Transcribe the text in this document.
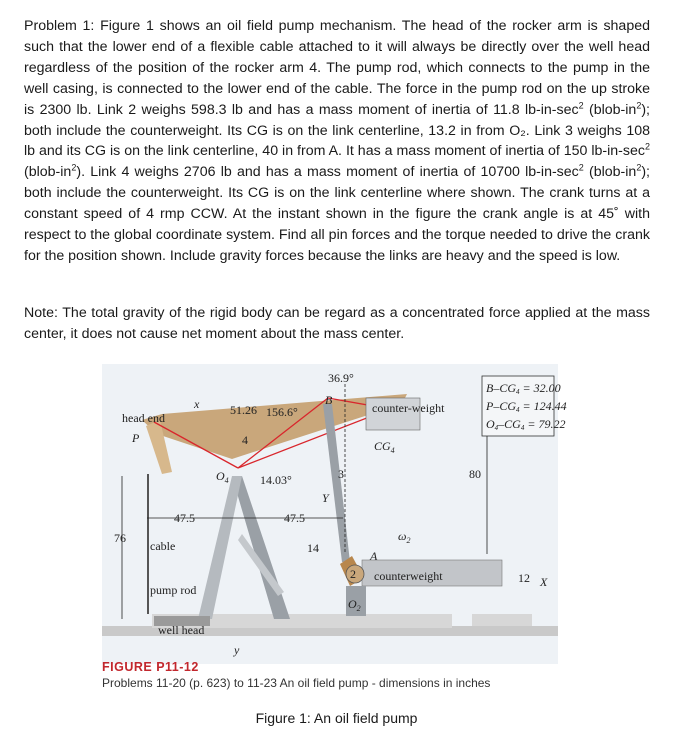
Problem 1: Figure 1 shows an oil field pump mechanism. The head of the rocker arm is shaped such that the lower end of a flexible cable attached to it will always be directly over the well head regardless of the position of the rocker arm 4. The pump rod, which connects to the pump in the well casing, is connected to the lower end of the cable. The force in the pump rod on the up stroke is 2300 lb. Link 2 weighs 598.3 lb and has a mass moment of inertia of 11.8 $lb-in-\sec^2$ $(blob-in^2)$; both include the counterweight. Its CG is on the link centerline, 13.2 in from O₂. Link 3 weighs 108 lb and its CG is on the link centerline, 40 in from A. It has a mass moment of inertia of 150 $lb-in-\sec^2$ $(blob-in^2)$. Link 4 weighs 2706 lb and has a mass moment of inertia of 10700 $lb-in-\sec^2$ $(blob-in^2)$; both include the counterweight. Its CG is on the link centerline where shown. The crank turns at a constant speed of 4 rmp CCW. At the instant shown in the figure the crank angle is at 45˚ with respect to the global coordinate system. Find all pin forces and the torque needed to drive the crank for the position shown. Include gravity forces because the links are heavy and the speed is low.

Note: The total gravity of the rigid body can be regard as a concentrated force applied at the mass center, it does not cause net moment about the mass center.

36.9°
B
x
head end
P
51.26 156.6°
4
counter-weight
$CG_4$
$O_4$	14.03°	3	80
Y
47.5	47.5
$\omega_2$
76
cable	14
A
2 counterweight	12 X
pump rod
$O_2$
well head
y
B–CG4 = 32.00
P–CG4 = 124.44
O4–CG4 = 79.22
FIGURE P11-12
Problems 11-20 (p. 623) to 11-23 An oil field pump - dimensions in inches
Figure 1: An oil field pump
